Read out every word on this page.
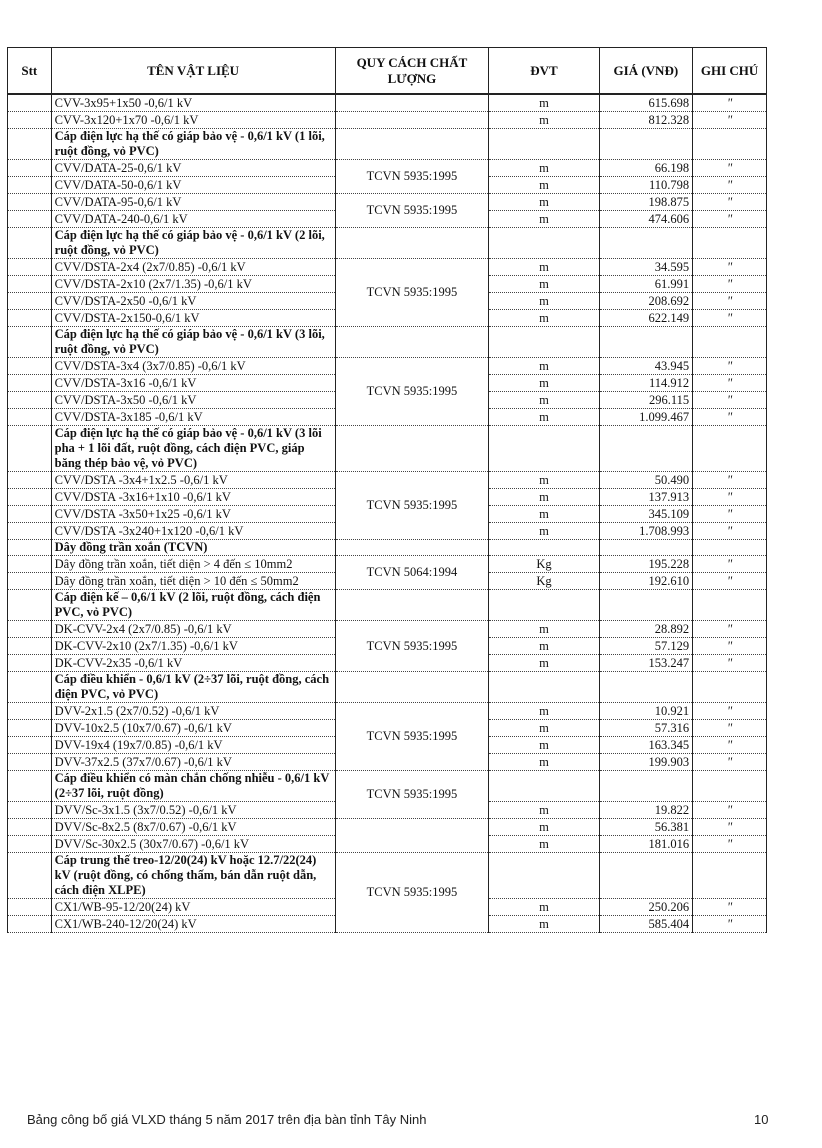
Stt	TÊN VẬT LIỆU	QUY CÁCH CHẤT LƯỢNG	ĐVT	GIÁ (VNĐ)	GHI CHÚ
	CVV-3x95+1x50 -0,6/1 kV		m	615.698	"
	CVV-3x120+1x70 -0,6/1 kV		m	812.328	"
	Cáp điện lực hạ thế có giáp bảo vệ - 0,6/1 kV (1 lõi, ruột đồng, vỏ PVC)				
	CVV/DATA-25-0,6/1 kV	TCVN 5935:1995	m	66.198	"
	CVV/DATA-50-0,6/1 kV		m	110.798	"
	CVV/DATA-95-0,6/1 kV	TCVN 5935:1995	m	198.875	"
	CVV/DATA-240-0,6/1 kV		m	474.606	"
	Cáp điện lực hạ thế có giáp bảo vệ - 0,6/1 kV (2 lõi, ruột đồng, vỏ PVC)				
	CVV/DSTA-2x4 (2x7/0.85) -0,6/1 kV	TCVN 5935:1995	m	34.595	"
	CVV/DSTA-2x10 (2x7/1.35) -0,6/1 kV		m	61.991	"
	CVV/DSTA-2x50 -0,6/1 kV		m	208.692	"
	CVV/DSTA-2x150-0,6/1 kV		m	622.149	"
	Cáp điện lực hạ thế có giáp bảo vệ - 0,6/1 kV (3 lõi, ruột đồng, vỏ PVC)				
	CVV/DSTA-3x4 (3x7/0.85) -0,6/1 kV	TCVN 5935:1995	m	43.945	"
	CVV/DSTA-3x16 -0,6/1 kV		m	114.912	"
	CVV/DSTA-3x50 -0,6/1 kV		m	296.115	"
	CVV/DSTA-3x185 -0,6/1 kV		m	1.099.467	"
	Cáp điện lực hạ thế có giáp bảo vệ - 0,6/1 kV (3 lõi pha + 1 lõi đất, ruột đồng, cách điện PVC, giáp băng thép bảo vệ, vỏ PVC)				
	CVV/DSTA -3x4+1x2.5 -0,6/1 kV	TCVN 5935:1995	m	50.490	"
	CVV/DSTA -3x16+1x10 -0,6/1 kV		m	137.913	"
	CVV/DSTA -3x50+1x25 -0,6/1 kV		m	345.109	"
	CVV/DSTA -3x240+1x120 -0,6/1 kV		m	1.708.993	"
	Dây đồng trần xoắn (TCVN)				
	Dây đồng trần xoắn, tiết diện > 4 đến ≤ 10mm2	TCVN 5064:1994	Kg	195.228	"
	Dây đồng trần xoắn, tiết diện > 10 đến ≤ 50mm2		Kg	192.610	"
	Cáp điện kế – 0,6/1 kV (2 lõi, ruột đồng, cách điện PVC, vỏ PVC)				
	DK-CVV-2x4 (2x7/0.85) -0,6/1 kV	TCVN 5935:1995	m	28.892	"
	DK-CVV-2x10 (2x7/1.35) -0,6/1 kV		m	57.129	"
	DK-CVV-2x35 -0,6/1 kV		m	153.247	"
	Cáp điều khiển - 0,6/1 kV (2÷37 lõi, ruột đồng, cách điện PVC, vỏ PVC)				
	DVV-2x1.5 (2x7/0.52) -0,6/1 kV	TCVN 5935:1995	m	10.921	"
	DVV-10x2.5 (10x7/0.67) -0,6/1 kV		m	57.316	"
	DVV-19x4 (19x7/0.85) -0,6/1 kV		m	163.345	"
	DVV-37x2.5 (37x7/0.67) -0,6/1 kV		m	199.903	"
	Cáp điều khiển có màn chắn chống nhiễu - 0,6/1 kV (2÷37 lõi, ruột đồng)	TCVN 5935:1995			
	DVV/Sc-3x1.5 (3x7/0.52) -0,6/1 kV		m	19.822	"
	DVV/Sc-8x2.5 (8x7/0.67) -0,6/1 kV		m	56.381	"
	DVV/Sc-30x2.5 (30x7/0.67) -0,6/1 kV		m	181.016	"
	Cáp trung thế treo-12/20(24) kV hoặc 12.7/22(24) kV (ruột đồng, có chống thấm, bán dẫn ruột dẫn, cách điện XLPE)	TCVN 5935:1995			
	CX1/WB-95-12/20(24) kV		m	250.206	"
	CX1/WB-240-12/20(24) kV		m	585.404	"
Bảng công bố giá VLXD tháng 5 năm 2017 trên địa bàn tỉnh Tây Ninh	10
